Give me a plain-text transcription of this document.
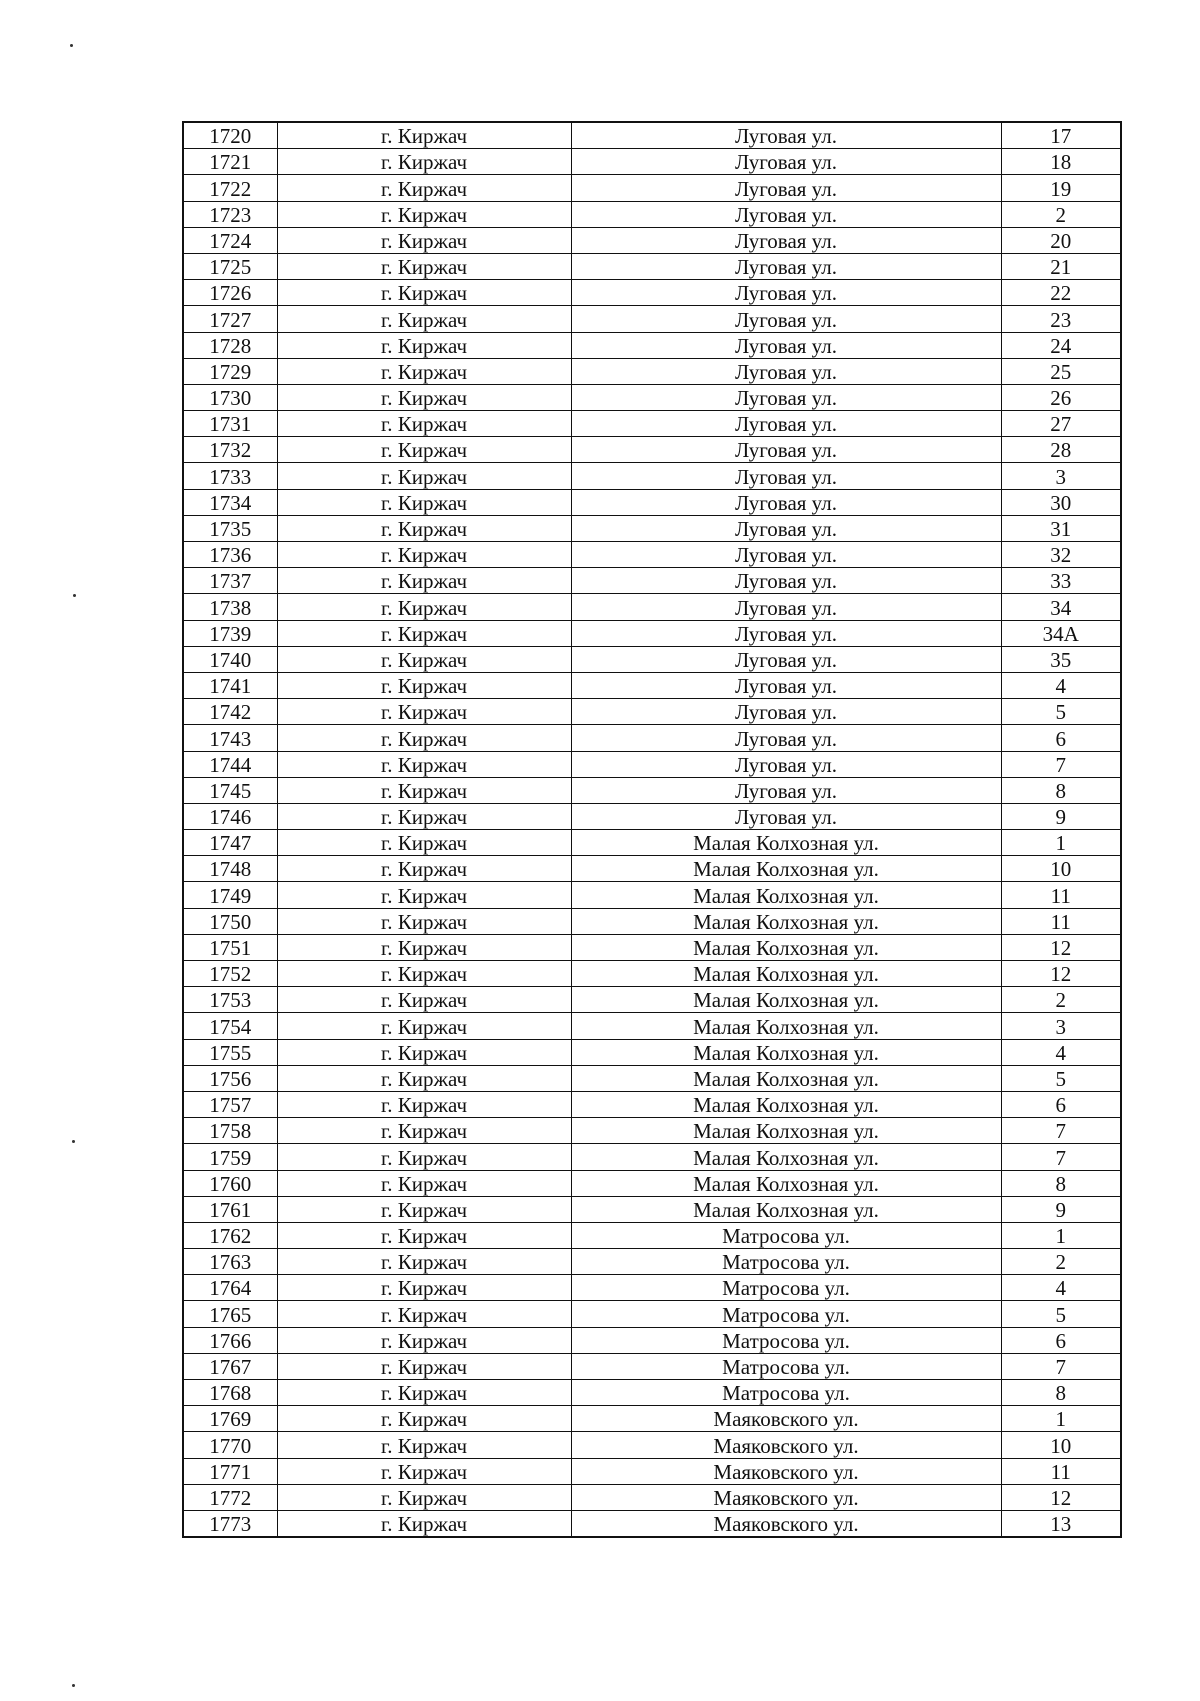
1720	г. Киржач	Луговая ул.	17
1721	г. Киржач	Луговая ул.	18
1722	г. Киржач	Луговая ул.	19
1723	г. Киржач	Луговая ул.	2
1724	г. Киржач	Луговая ул.	20
1725	г. Киржач	Луговая ул.	21
1726	г. Киржач	Луговая ул.	22
1727	г. Киржач	Луговая ул.	23
1728	г. Киржач	Луговая ул.	24
1729	г. Киржач	Луговая ул.	25
1730	г. Киржач	Луговая ул.	26
1731	г. Киржач	Луговая ул.	27
1732	г. Киржач	Луговая ул.	28
1733	г. Киржач	Луговая ул.	3
1734	г. Киржач	Луговая ул.	30
1735	г. Киржач	Луговая ул.	31
1736	г. Киржач	Луговая ул.	32
1737	г. Киржач	Луговая ул.	33
1738	г. Киржач	Луговая ул.	34
1739	г. Киржач	Луговая ул.	34А
1740	г. Киржач	Луговая ул.	35
1741	г. Киржач	Луговая ул.	4
1742	г. Киржач	Луговая ул.	5
1743	г. Киржач	Луговая ул.	6
1744	г. Киржач	Луговая ул.	7
1745	г. Киржач	Луговая ул.	8
1746	г. Киржач	Луговая ул.	9
1747	г. Киржач	Малая Колхозная ул.	1
1748	г. Киржач	Малая Колхозная ул.	10
1749	г. Киржач	Малая Колхозная ул.	11
1750	г. Киржач	Малая Колхозная ул.	11
1751	г. Киржач	Малая Колхозная ул.	12
1752	г. Киржач	Малая Колхозная ул.	12
1753	г. Киржач	Малая Колхозная ул.	2
1754	г. Киржач	Малая Колхозная ул.	3
1755	г. Киржач	Малая Колхозная ул.	4
1756	г. Киржач	Малая Колхозная ул.	5
1757	г. Киржач	Малая Колхозная ул.	6
1758	г. Киржач	Малая Колхозная ул.	7
1759	г. Киржач	Малая Колхозная ул.	7
1760	г. Киржач	Малая Колхозная ул.	8
1761	г. Киржач	Малая Колхозная ул.	9
1762	г. Киржач	Матросова ул.	1
1763	г. Киржач	Матросова ул.	2
1764	г. Киржач	Матросова ул.	4
1765	г. Киржач	Матросова ул.	5
1766	г. Киржач	Матросова ул.	6
1767	г. Киржач	Матросова ул.	7
1768	г. Киржач	Матросова ул.	8
1769	г. Киржач	Маяковского ул.	1
1770	г. Киржач	Маяковского ул.	10
1771	г. Киржач	Маяковского ул.	11
1772	г. Киржач	Маяковского ул.	12
1773	г. Киржач	Маяковского ул.	13
